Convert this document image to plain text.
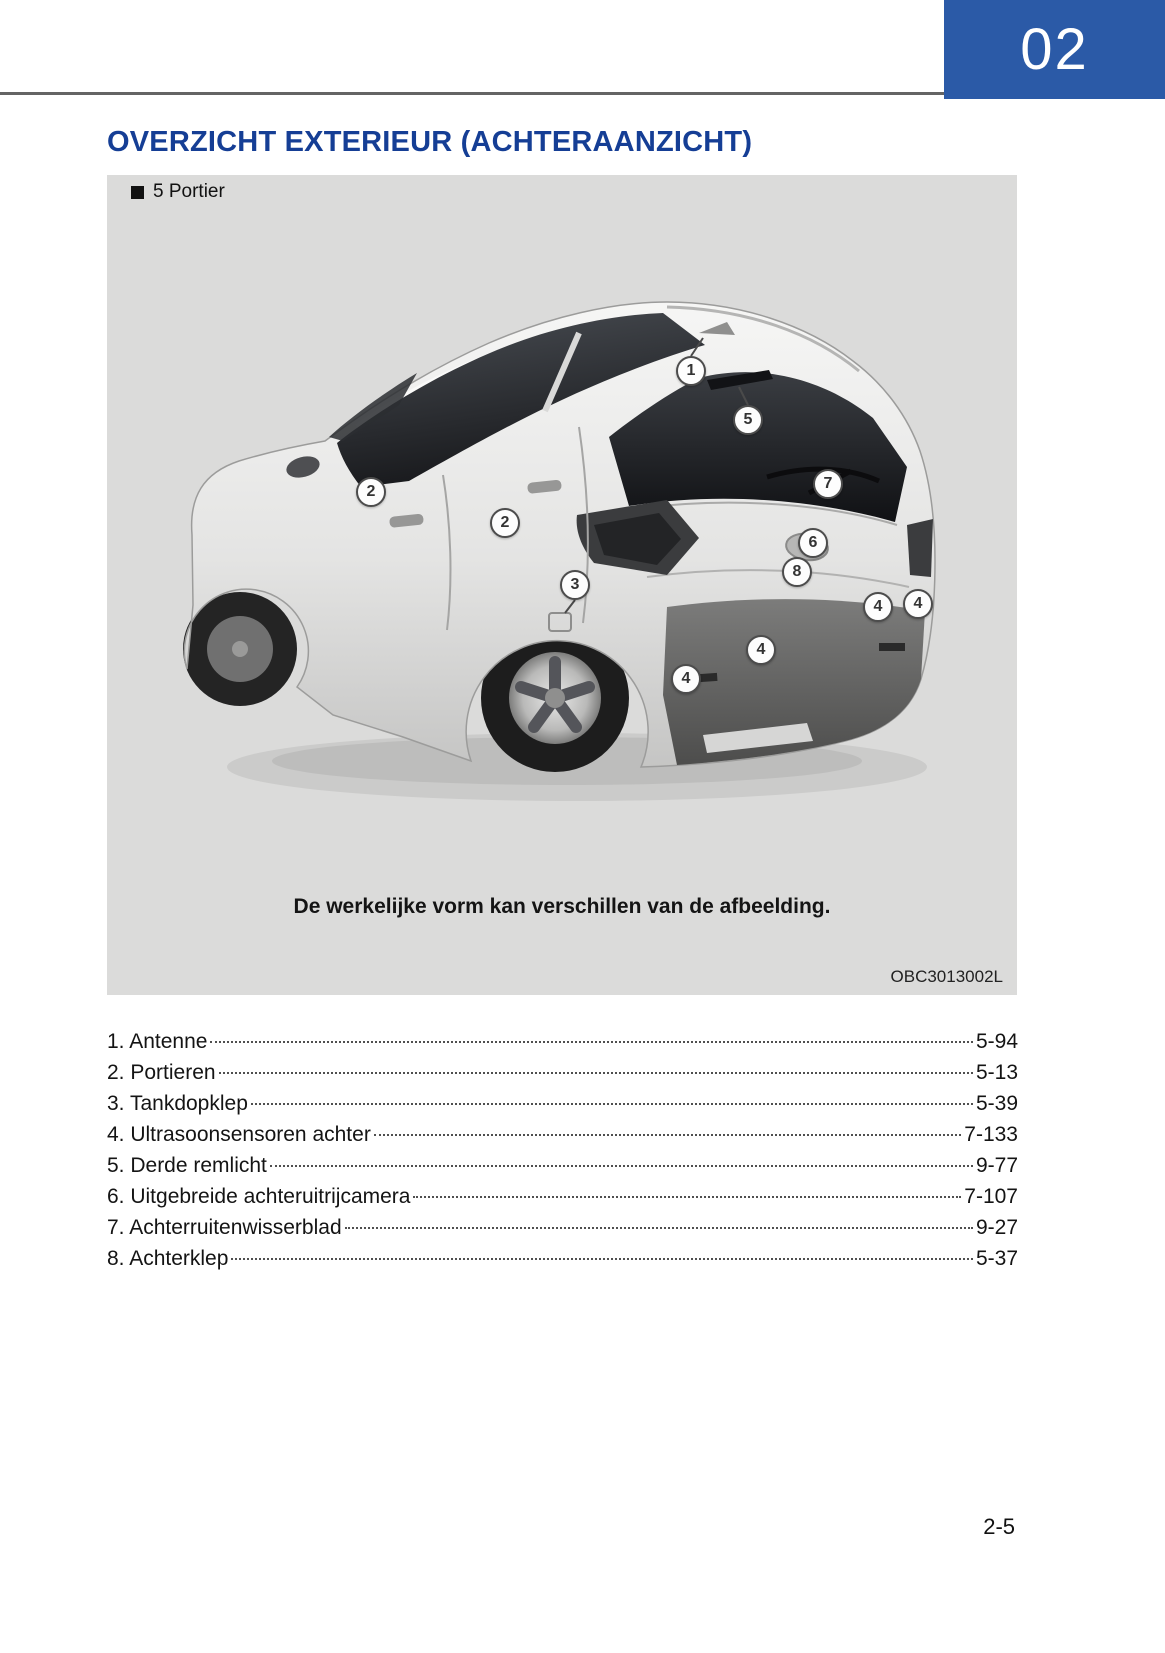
02
OVERZICHT EXTERIEUR (ACHTERAANZICHT)
1
5
2	7
2
6
8
3
4	4
4
4
5 Portier
De werkelijke vorm kan verschillen van de afbeelding.
OBC3013002L
1. Antenne	5-94
2. Portieren	5-13
3. Tankdopklep	5-39
4. Ultrasoonsensoren achter	7-133
5. Derde remlicht	9-77
6. Uitgebreide achteruitrijcamera	7-107
7. Achterruitenwisserblad	9-27
8. Achterklep	5-37
2-5
